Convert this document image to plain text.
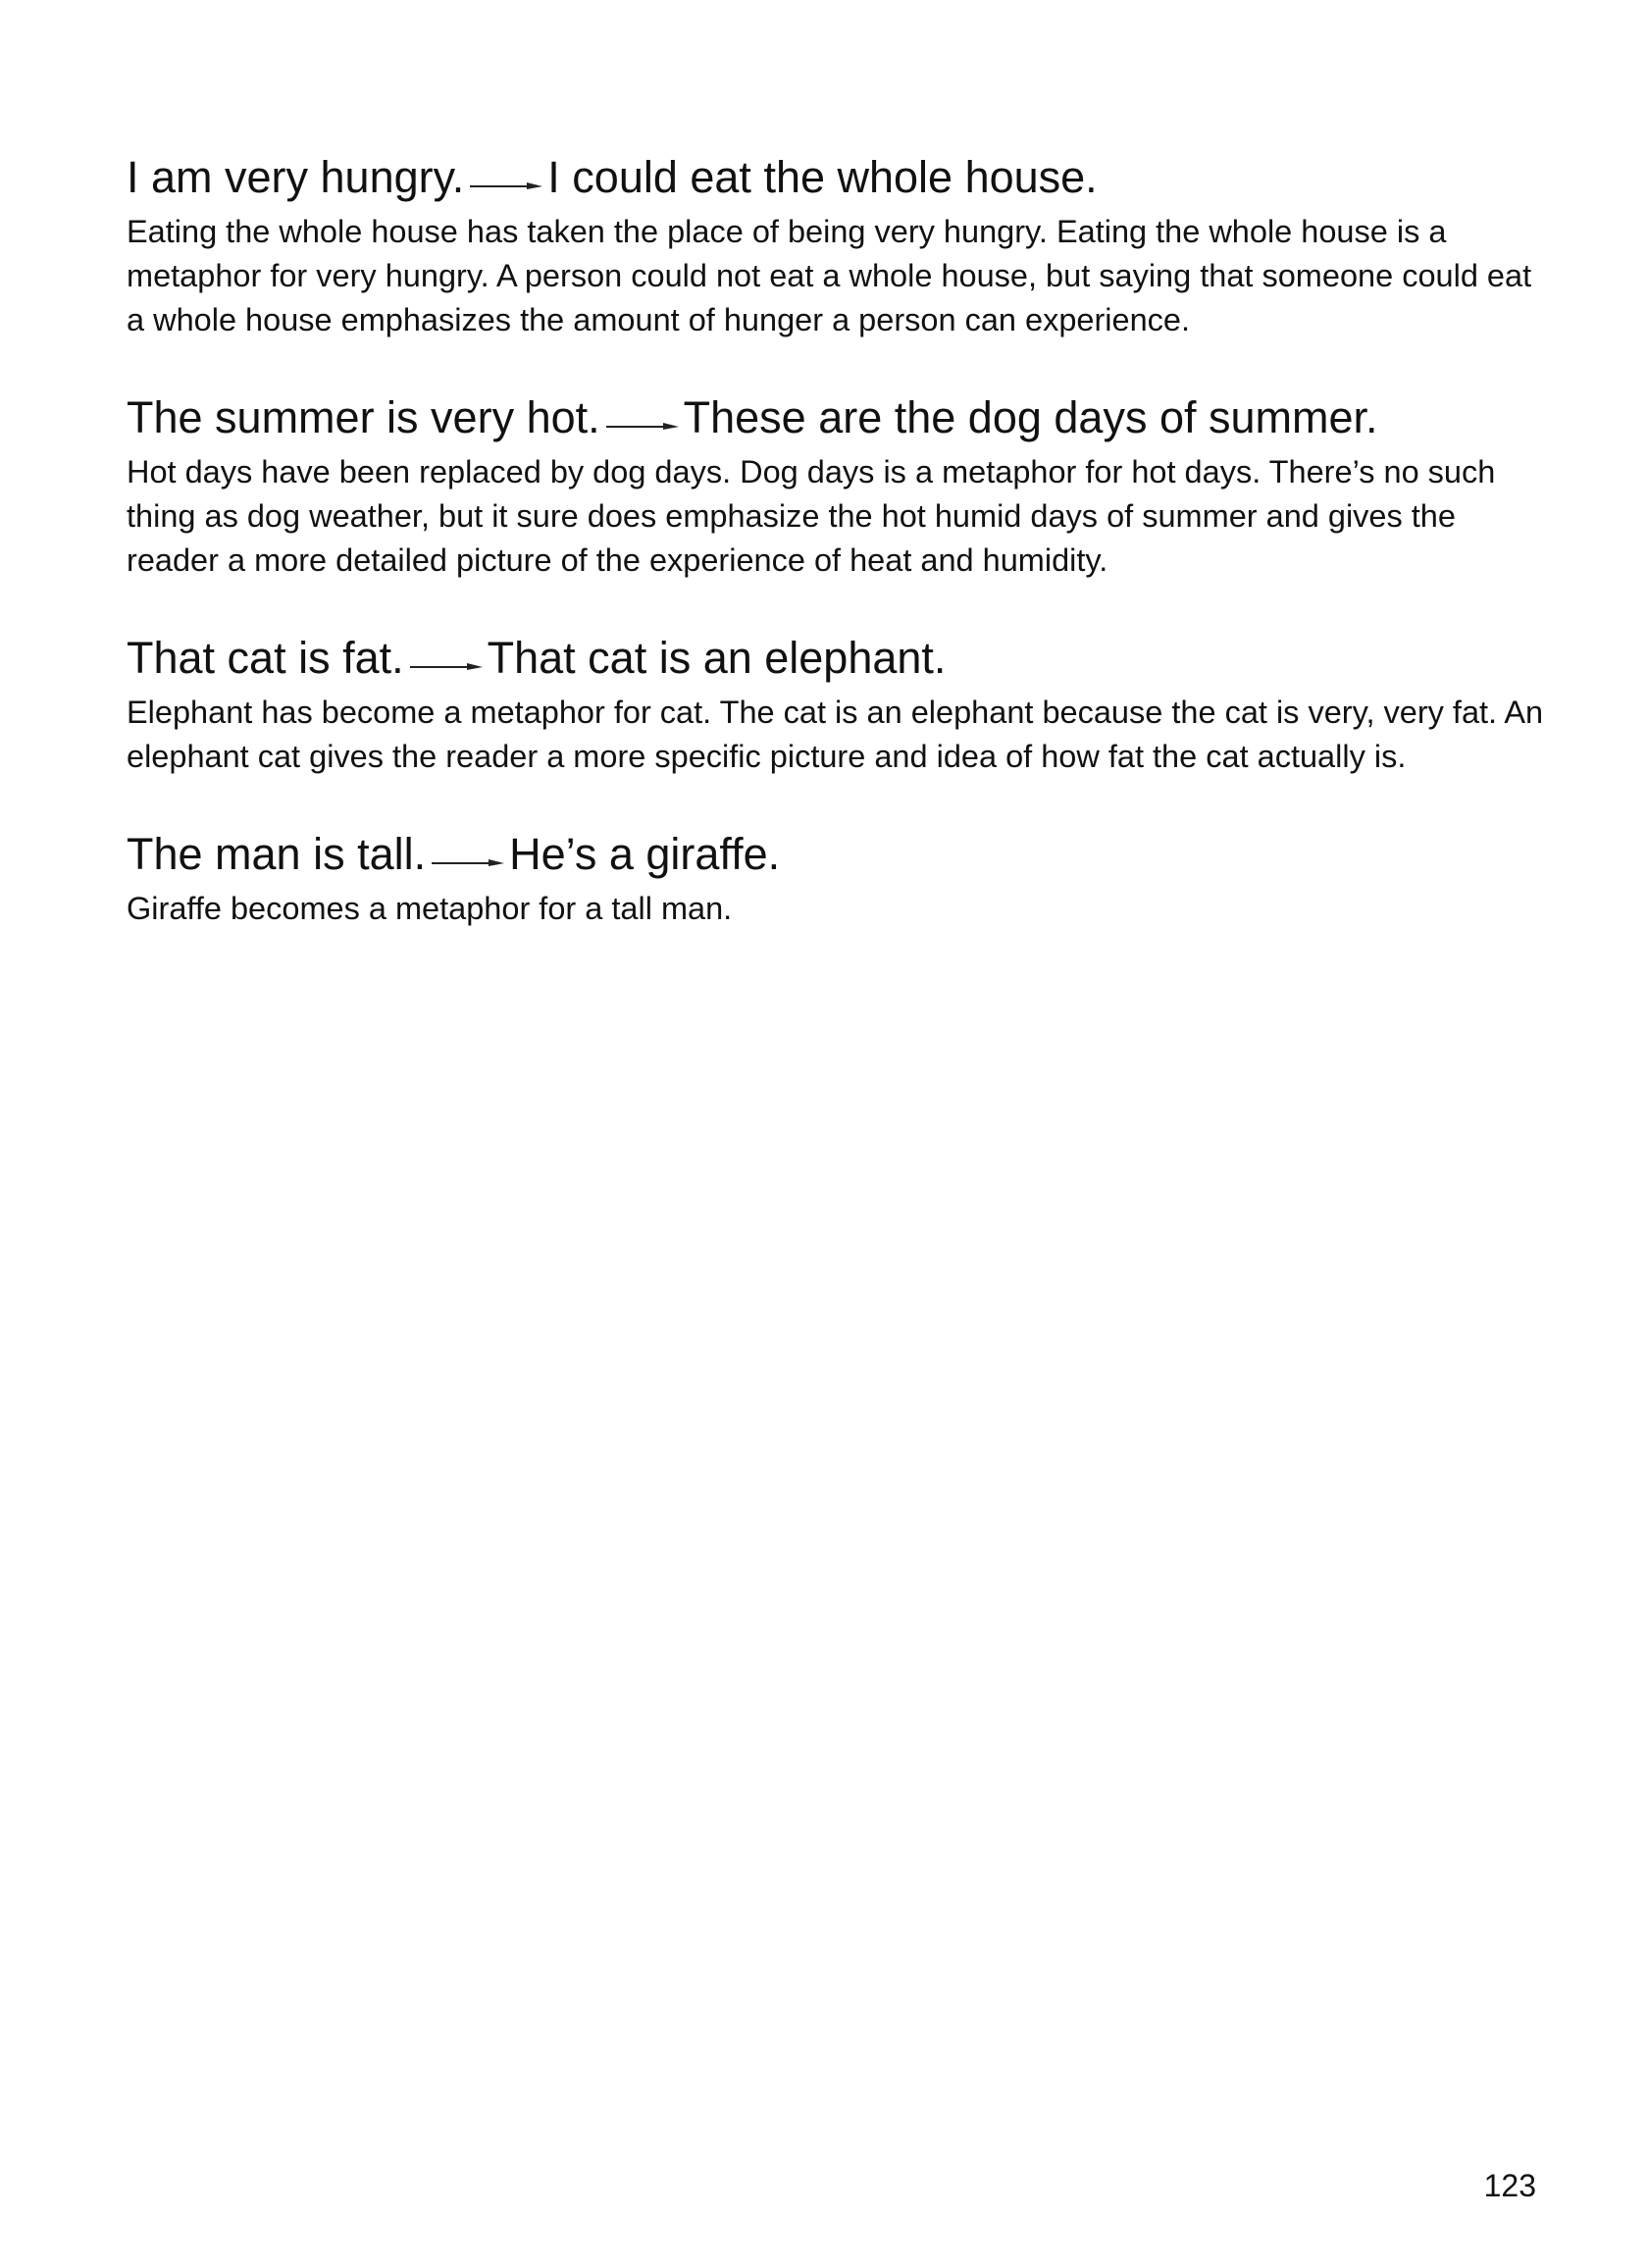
I am very hungry. I could eat the whole house.

Eating the whole house has taken the place of being very hungry. Eating the whole house is a metaphor for very hungry. A person could not eat a whole house, but saying that someone could eat a whole house emphasizes the amount of hunger a person can experience.

The summer is very hot. These are the dog days of summer.

Hot days have been replaced by dog days. Dog days is a metaphor for hot days. There’s no such thing as dog weather, but it sure does emphasize the hot humid days of summer and gives the reader a more detailed picture of the experience of heat and humidity.

That cat is fat. That cat is an elephant.

Elephant has become a metaphor for cat. The cat is an elephant because the cat is very, very fat. An elephant cat gives the reader a more specific picture and idea of how fat the cat actually is.

The man is tall. He’s a giraffe.

Giraffe becomes a metaphor for a tall man.

123
